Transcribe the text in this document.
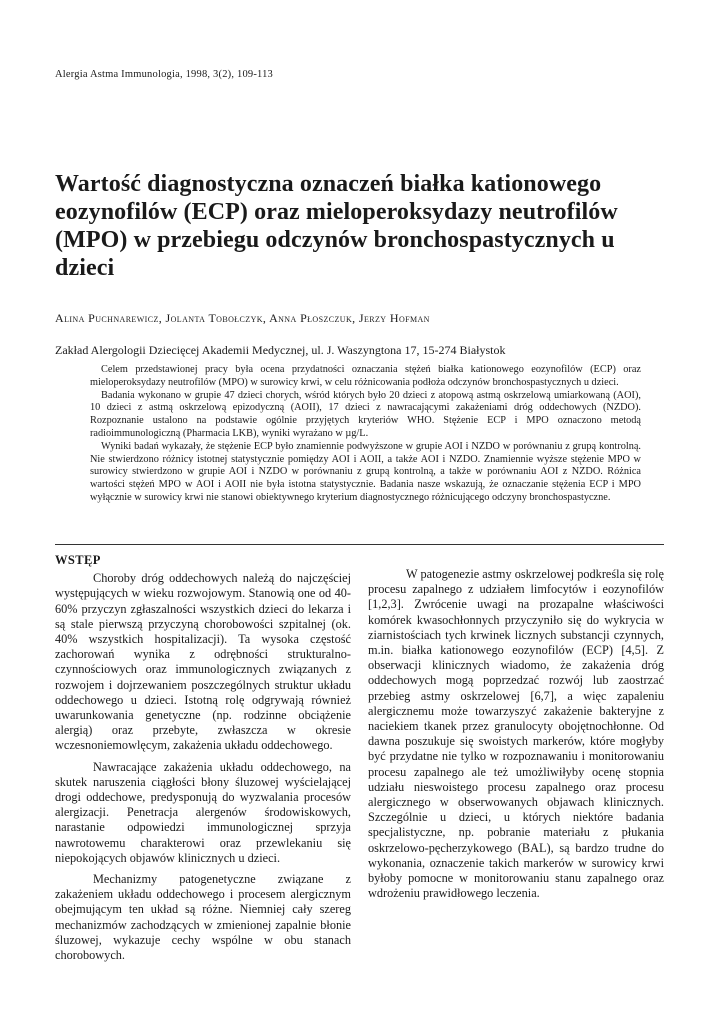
Alergia Astma Immunologia, 1998, 3(2), 109-113
Wartość diagnostyczna oznaczeń białka kationowego eozynofilów (ECP) oraz mieloperoksydazy neutrofilów (MPO) w przebiegu odczynów bronchospastycznych u dzieci
Alina Puchnarewicz, Jolanta Tobołczyk, Anna Płoszczuk, Jerzy Hofman
Zakład Alergologii Dziecięcej Akademii Medycznej, ul. J. Waszyngtona 17, 15-274 Białystok

Celem przedstawionej pracy była ocena przydatności oznaczania stężeń białka kationowego eozynofilów (ECP) oraz mieloperoksydazy neutrofilów (MPO) w surowicy krwi, w celu różnicowania podłoża odczynów bronchospastycznych u dzieci.

Badania wykonano w grupie 47 dzieci chorych, wśród których było 20 dzieci z atopową astmą oskrzelową umiarkowaną (AOI), 10 dzieci z astmą oskrzelową epizodyczną (AOII), 17 dzieci z nawracającymi zakażeniami dróg oddechowych (NZDO). Rozpoznanie ustalono na podstawie ogólnie przyjętych kryteriów WHO. Stężenie ECP i MPO oznaczono metodą radioimmunologiczną (Pharmacia LKB), wyniki wyrażano w µg/L.

Wyniki badań wykazały, że stężenie ECP było znamiennie podwyższone w grupie AOI i NZDO w porównaniu z grupą kontrolną. Nie stwierdzono różnicy istotnej statystycznie pomiędzy AOI i AOII, a także AOI i NZDO. Znamiennie wyższe stężenie MPO w surowicy stwierdzono w grupie AOI i NZDO w porównaniu z grupą kontrolną, a także w porównaniu AOI z NZDO. Różnica wartości stężeń MPO w AOI i AOII nie była istotna statystycznie. Badania nasze wskazują, że oznaczanie stężenia ECP i MPO wyłącznie w surowicy krwi nie stanowi obiektywnego kryterium diagnostycznego różnicującego odczyny bronchospastyczne.

WSTĘP

Choroby dróg oddechowych należą do najczęściej występujących w wieku rozwojowym. Stanowią one od 40-60% przyczyn zgłaszalności wszystkich dzieci do lekarza i są stale pierwszą przyczyną chorobowości szpitalnej (ok. 40% wszystkich hospitalizacji). Ta wysoka częstość zachorowań wynika z odrębności strukturalno-czynnościowych oraz immunologicznych związanych z rozwojem i dojrzewaniem poszczególnych struktur układu oddechowego u dzieci. Istotną rolę odgrywają również uwarunkowania genetyczne (np. rodzinne obciążenie alergią) oraz przebyte, zwłaszcza w okresie wczesnoniemowlęcym, zakażenia układu oddechowego.

Nawracające zakażenia układu oddechowego, na skutek naruszenia ciągłości błony śluzowej wyścielającej drogi oddechowe, predysponują do wyzwalania procesów alergizacji. Penetracja alergenów środowiskowych, narastanie odpowiedzi immunologicznej sprzyja nawrotowemu charakterowi oraz przewlekaniu się niepokojących objawów klinicznych u dzieci.

Mechanizmy patogenetyczne związane z zakażeniem układu oddechowego i procesem alergicznym obejmującym ten układ są różne. Niemniej cały szereg mechanizmów zachodzących w zmienionej zapalnie błonie śluzowej, wykazuje cechy wspólne w obu stanach chorobowych.

W patogenezie astmy oskrzelowej podkreśla się rolę procesu zapalnego z udziałem limfocytów i eozynofilów [1,2,3]. Zwrócenie uwagi na prozapalne właściwości komórek kwasochłonnych przyczyniło się do wykrycia w ziarnistościach tych krwinek licznych substancji czynnych, m.in. białka kationowego eozynofilów (ECP) [4,5]. Z obserwacji klinicznych wiadomo, że zakażenia dróg oddechowych mogą poprzedzać rozwój lub zaostrzać przebieg astmy oskrzelowej [6,7], a więc zapaleniu alergicznemu może towarzyszyć zakażenie bakteryjne z naciekiem tkanek przez granulocyty obojętnochłonne. Od dawna poszukuje się swoistych markerów, które mogłyby być przydatne nie tylko w rozpoznawaniu i monitorowaniu procesu zapalnego ale też umożliwiłyby ocenę stopnia udziału nieswoistego procesu zapalnego oraz procesu alergicznego w obserwowanych objawach klinicznych. Szczególnie u dzieci, u których niektóre badania specjalistyczne, np. pobranie materiału z płukania oskrzelowo-pęcherzykowego (BAL), są bardzo trudne do wykonania, oznaczenie takich markerów w surowicy krwi byłoby pomocne w monitorowaniu stanu zapalnego oraz wdrożeniu prawidłowego leczenia.
